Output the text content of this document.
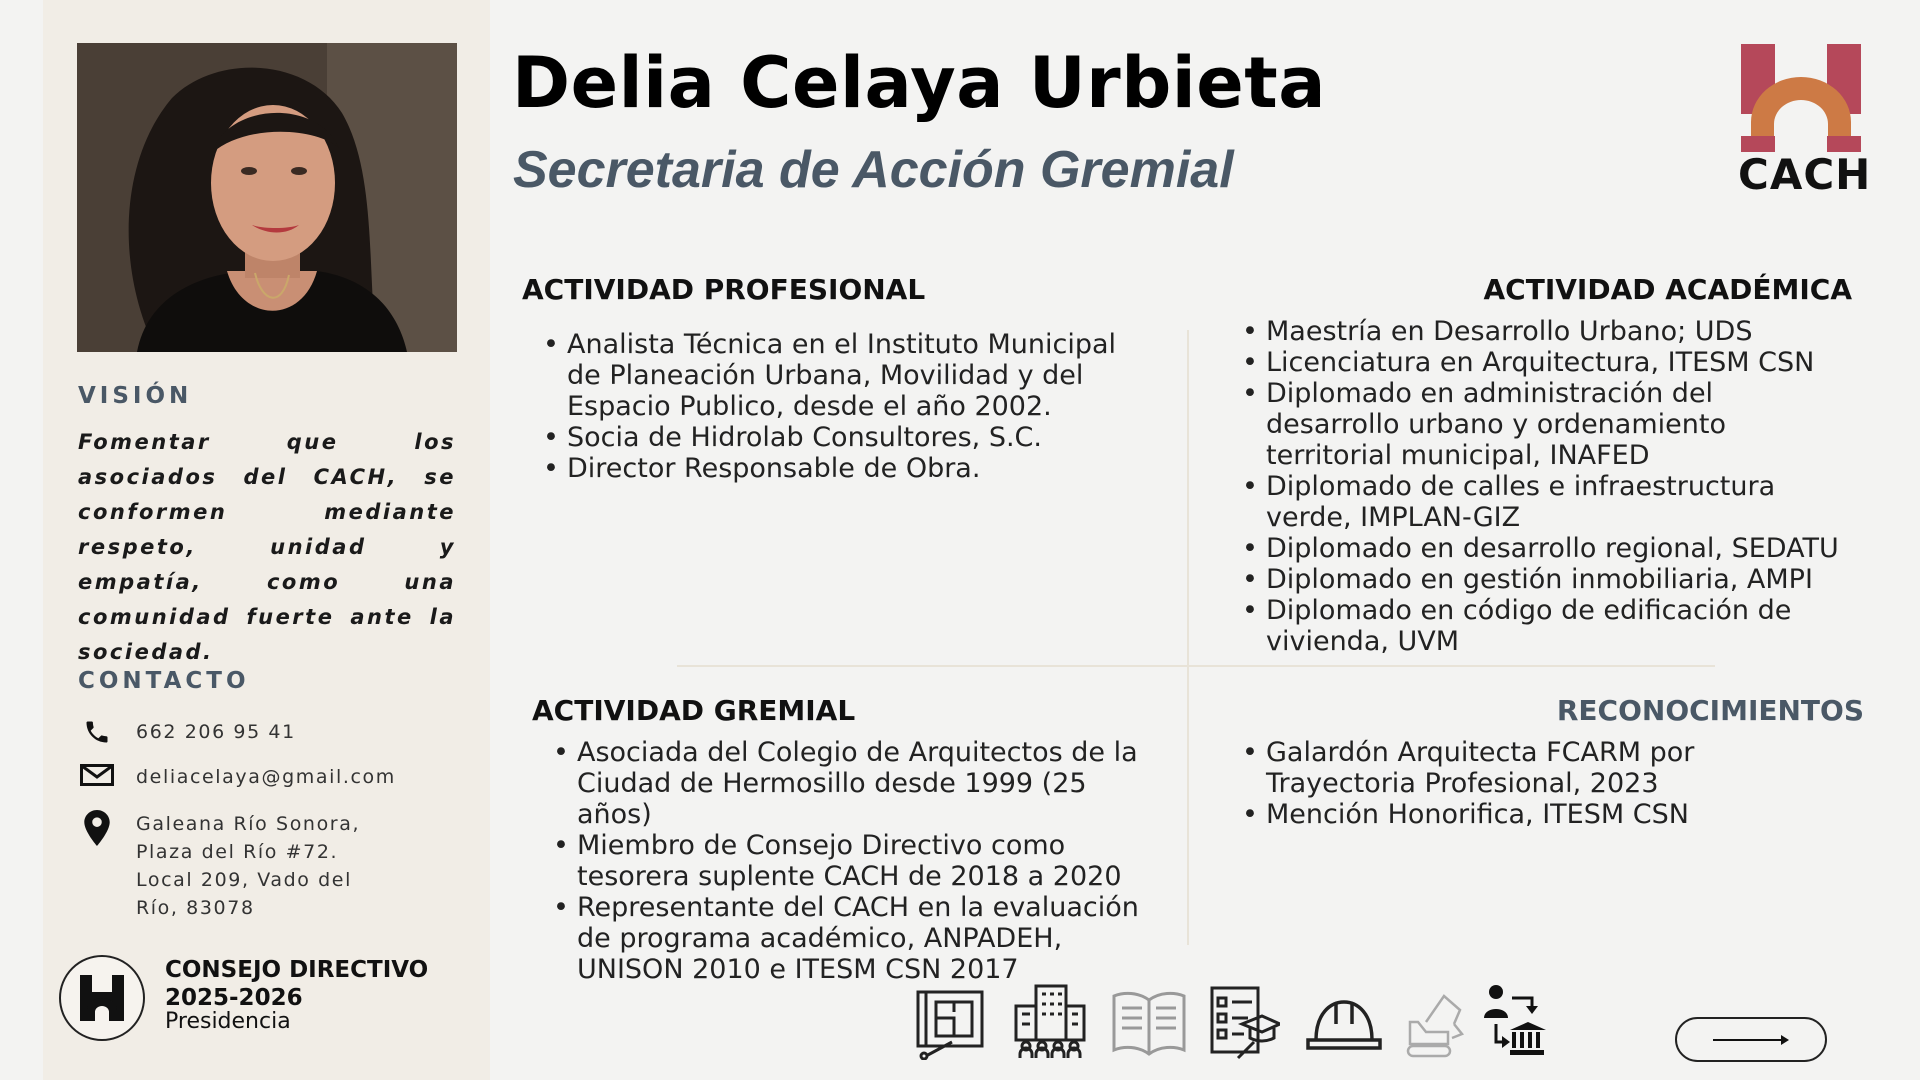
VISIÓN
Fomentar que los asociados del CACH, se conformen mediante respeto, unidad y empatía, como una comunidad fuerte ante la sociedad.
CONTACTO
662 206 95 41
deliacelaya@gmail.com
Galeana Río Sonora, Plaza del Río #72. Local 209, Vado del Río, 83078
CONSEJO DIRECTIVO 2025-2026
Presidencia
Delia Celaya Urbieta
Secretaria de Acción Gremial	CACH
ACTIVIDAD PROFESIONAL
• Analista Técnica en el Instituto Municipal de Planeación Urbana, Movilidad y del Espacio Publico, desde el año 2002.
• Socia de Hidrolab Consultores, S.C.
• Director Responsable de Obra.
ACTIVIDAD ACADÉMICA
• Maestría en Desarrollo Urbano; UDS
• Licenciatura en Arquitectura, ITESM CSN
• Diplomado en administración del desarrollo urbano y ordenamiento territorial municipal, INAFED
• Diplomado de calles e infraestructura verde, IMPLAN-GIZ
• Diplomado en desarrollo regional, SEDATU
• Diplomado en gestión inmobiliaria, AMPI
• Diplomado en código de edificación de vivienda, UVM
ACTIVIDAD GREMIAL
• Asociada del Colegio de Arquitectos de la Ciudad de Hermosillo desde 1999 (25 años)
• Miembro de Consejo Directivo como tesorera suplente CACH de 2018 a 2020
• Representante del CACH en la evaluación de programa académico, ANPADEH, UNISON 2010 e ITESM CSN 2017
RECONOCIMIENTOS
• Galardón Arquitecta FCARM por Trayectoria Profesional, 2023
• Mención Honorifica, ITESM CSN
